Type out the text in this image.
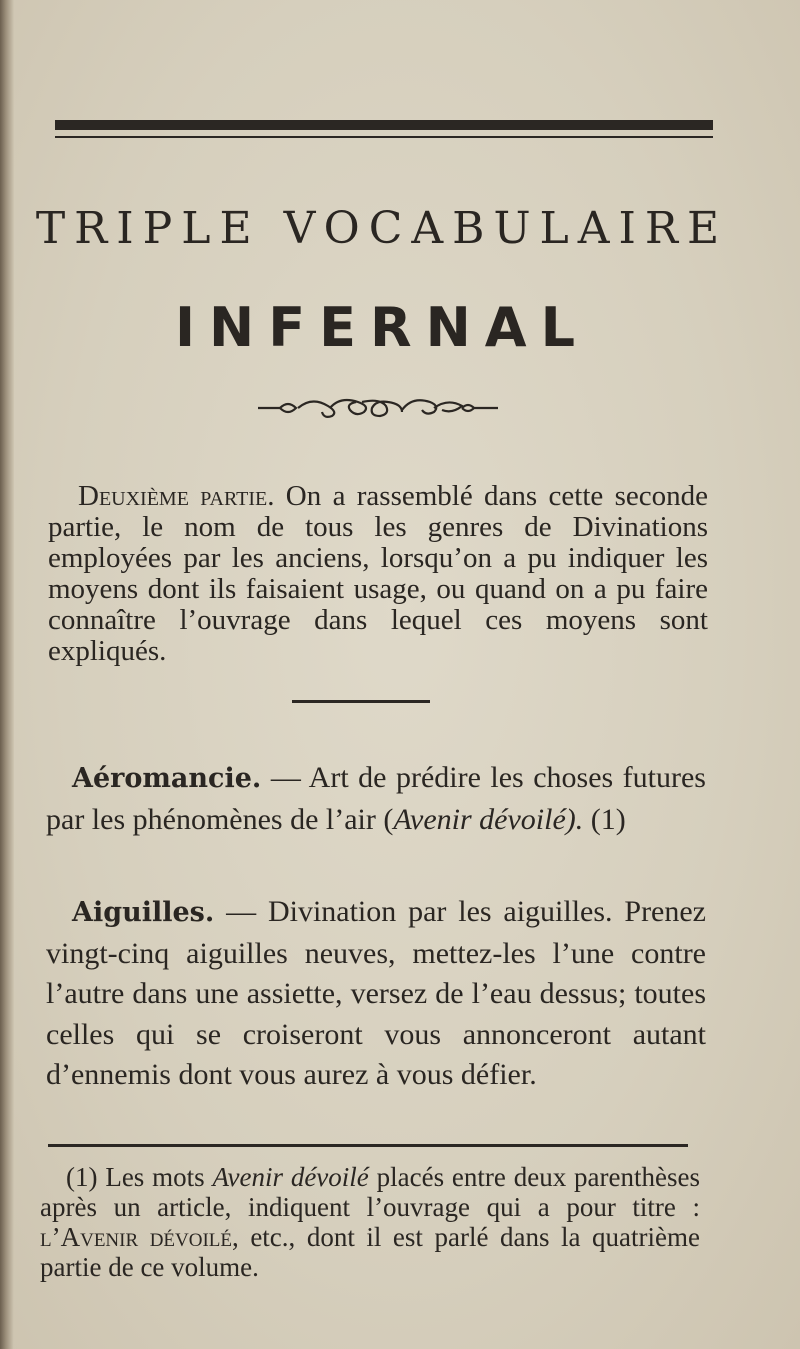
TRIPLE VOCABULAIRE
INFERNAL
Deuxième partie. On a rassemblé dans cette seconde partie, le nom de tous les genres de Divinations employées par les anciens, lorsqu’on a pu indiquer les moyens dont ils faisaient usage, ou quand on a pu faire connaître l’ouvrage dans lequel ces moyens sont expliqués.
Aéromancie. — Art de prédire les choses futures par les phénomènes de l’air (Avenir dévoilé). (1)
Aiguilles. — Divination par les aiguilles. Prenez vingt-cinq aiguilles neuves, mettez-les l’une contre l’autre dans une assiette, versez de l’eau dessus; toutes celles qui se croiseront vous annonceront autant d’ennemis dont vous aurez à vous défier.
(1) Les mots Avenir dévoilé placés entre deux parenthèses après un article, indiquent l’ouvrage qui a pour titre : l’Avenir dévoilé, etc., dont il est parlé dans la quatrième partie de ce volume.
